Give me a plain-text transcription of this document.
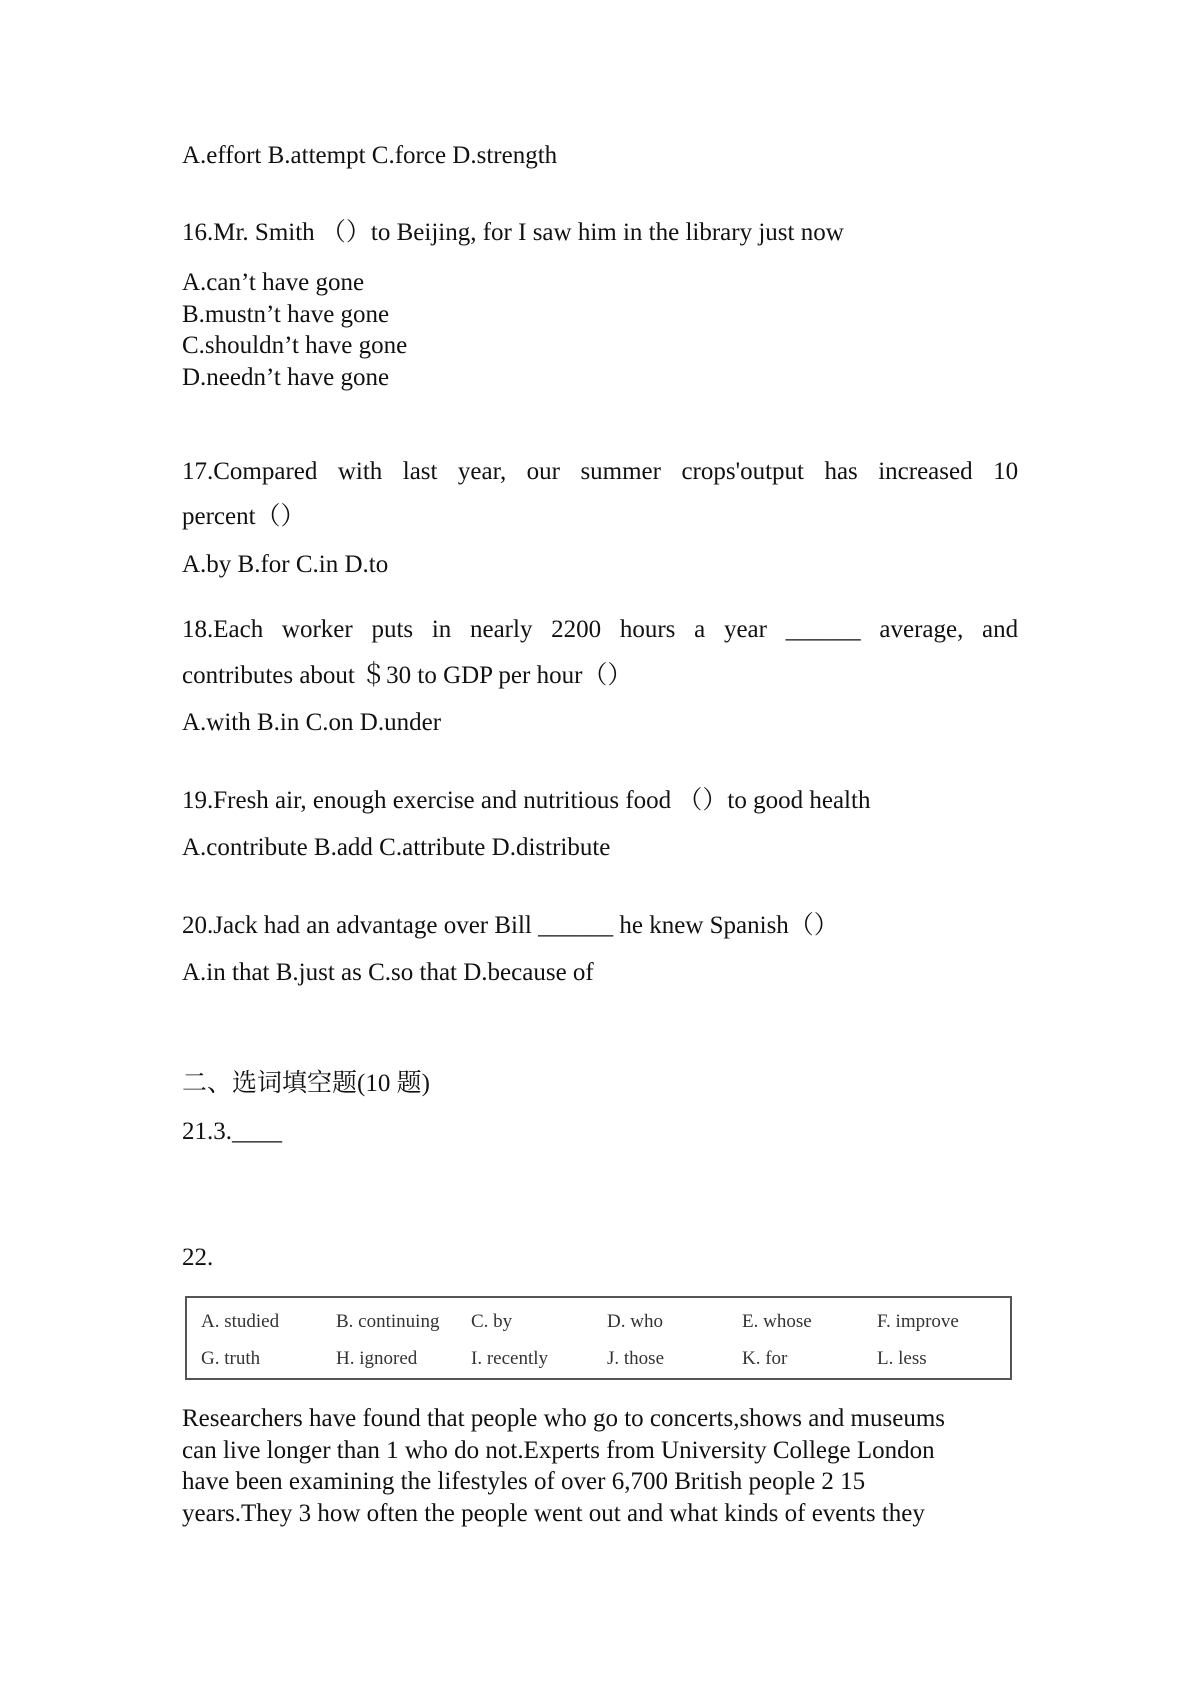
A.effort B.attempt C.force D.strength
16.Mr. Smith （）to Beijing, for I saw him in the library just now
A.can’t have gone
B.mustn’t have gone
C.shouldn’t have gone
D.needn’t have gone
17.Compared with last year, our summer crops'output has increased 10
percent（）
A.by B.for C.in D.to
18.Each worker puts in nearly 2200 hours a year ______ average, and
contributes about ＄30 to GDP per hour（）
A.with B.in C.on D.under
19.Fresh air, enough exercise and nutritious food （）to good health
A.contribute B.add C.attribute D.distribute
20.Jack had an advantage over Bill ______ he knew Spanish（）
A.in that B.just as C.so that D.because of
二、选词填空题(10 题)
21.3.____
22.
A. studied	B. continuing C. by	D. who	E. whose	F. improve
G. truth	H. ignored	I. recently	J. those	K. for	L. less
Researchers have found that people who go to concerts,shows and museums
can live longer than 1 who do not.Experts from University College London
have been examining the lifestyles of over 6,700 British people 2 15
years.They 3 how often the people went out and what kinds of events they
